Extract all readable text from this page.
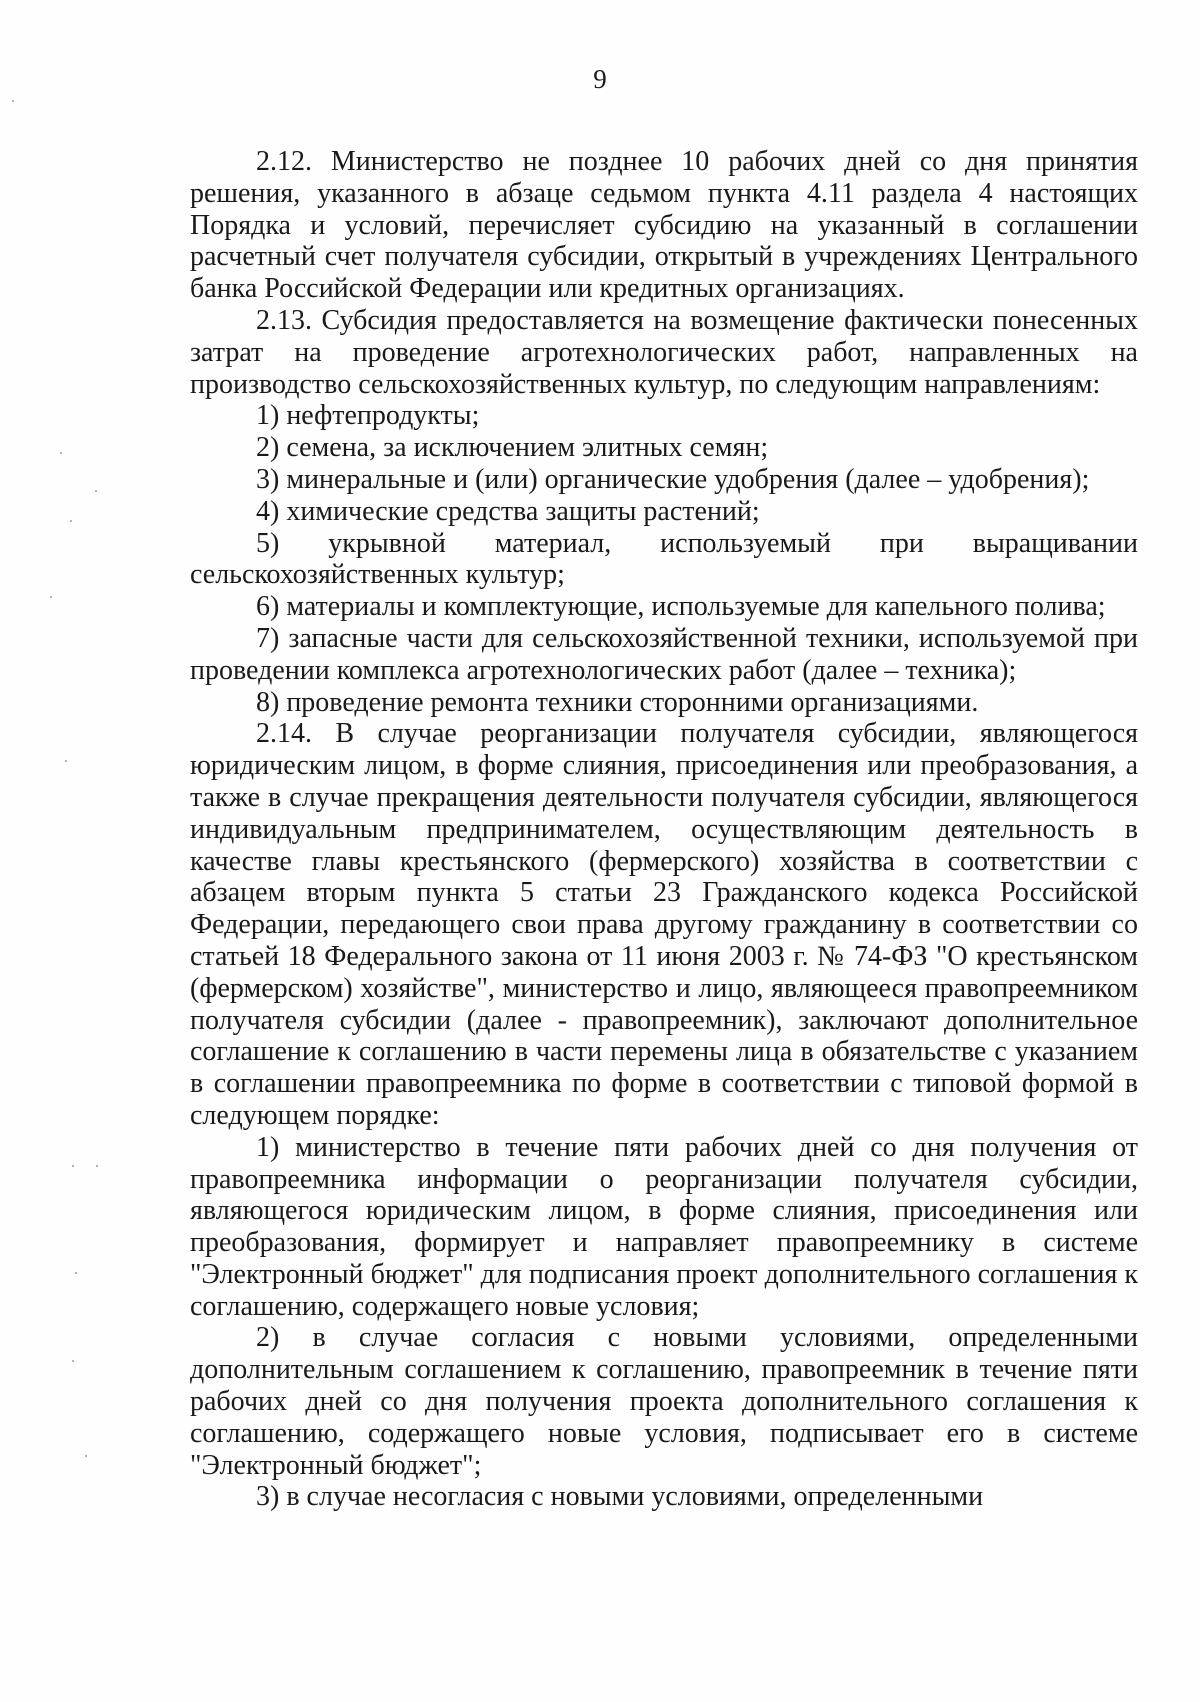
9

2.12. Министерство не позднее 10 рабочих дней со дня принятия решения, указанного в абзаце седьмом пункта 4.11 раздела 4 настоящих Порядка и условий, перечисляет субсидию на указанный в соглашении расчетный счет получателя субсидии, открытый в учреждениях Центрального банка Российской Федерации или кредитных организациях.

2.13. Субсидия предоставляется на возмещение фактически понесенных затрат на проведение агротехнологических работ, направленных на производство сельскохозяйственных культур, по следующим направлениям:

1) нефтепродукты;

2) семена, за исключением элитных семян;

3) минеральные и (или) органические удобрения (далее – удобрения);

4) химические средства защиты растений;

5) укрывной материал, используемый при выращивании сельскохозяйственных культур;

6) материалы и комплектующие, используемые для капельного полива;

7) запасные части для сельскохозяйственной техники, используемой при проведении комплекса агротехнологических работ (далее – техника);

8) проведение ремонта техники сторонними организациями.

2.14. В случае реорганизации получателя субсидии, являющегося юридическим лицом, в форме слияния, присоединения или преобразования, а также в случае прекращения деятельности получателя субсидии, являющегося индивидуальным предпринимателем, осуществляющим деятельность в качестве главы крестьянского (фермерского) хозяйства в соответствии с абзацем вторым пункта 5 статьи 23 Гражданского кодекса Российской Федерации, передающего свои права другому гражданину в соответствии со статьей 18 Федерального закона от 11 июня 2003 г. № 74-ФЗ "О крестьянском (фермерском) хозяйстве", министерство и лицо, являющееся правопреемником получателя субсидии (далее - правопреемник), заключают дополнительное соглашение к соглашению в части перемены лица в обязательстве с указанием в соглашении правопреемника по форме в соответствии с типовой формой в следующем порядке:

1) министерство в течение пяти рабочих дней со дня получения от правопреемника информации о реорганизации получателя субсидии, являющегося юридическим лицом, в форме слияния, присоединения или преобразования, формирует и направляет правопреемнику в системе "Электронный бюджет" для подписания проект дополнительного соглашения к соглашению, содержащего новые условия;

2) в случае согласия с новыми условиями, определенными дополнительным соглашением к соглашению, правопреемник в течение пяти рабочих дней со дня получения проекта дополнительного соглашения к соглашению, содержащего новые условия, подписывает его в системе "Электронный бюджет";

3) в случае несогласия с новыми условиями, определенными
